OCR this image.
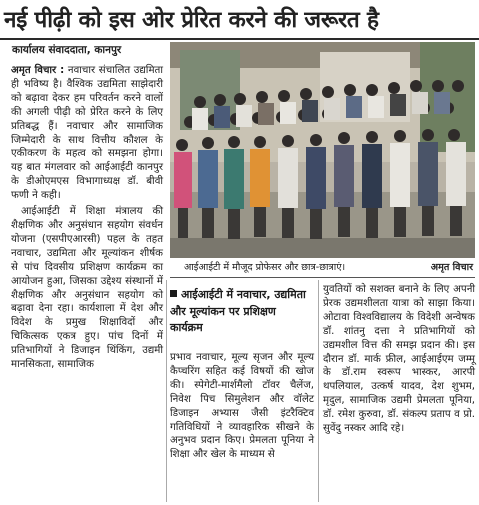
नई पीढ़ी को इस ओर प्रेरित करने की जरूरत है
कार्यालय संवाददाता, कानपुर

अमृत विचार : नवाचार संचालित उद्यमिता ही भविष्य है। वैश्विक उद्यमिता साझेदारी को बढ़ावा देकर हम परिवर्तन करने वालों की अगली पीढ़ी को प्रेरित करने के लिए प्रतिबद्ध हैं। नवाचार और सामाजिक जिम्मेदारी के साथ वित्तीय कौशल के एकीकरण के महत्व को समझना होगा। यह बात मंगलवार को आईआईटी कानपुर के डीओएमएस विभागाध्यक्ष डॉ. बीवी फणी ने कही।

आईआईटी में शिक्षा मंत्रालय की शैक्षणिक और अनुसंधान सहयोग संवर्धन योजना (एसपीएआरसी) पहल के तहत नवाचार, उद्यमिता और मूल्यांकन शीर्षक से पांच दिवसीय प्रशिक्षण कार्यक्रम का आयोजन हुआ, जिसका उद्देश्य संस्थानों में शैक्षणिक और अनुसंधान सहयोग को बढ़ावा देना रहा। कार्यशाला में देश और विदेश के प्रमुख शिक्षाविदों और चिकित्सक एकत्र हुए। पांच दिनों में प्रतिभागियों ने डिजाइन थिंकिंग, उद्यमी मानसिकता, सामाजिक

आईआईटी में मौजूद प्रोफेसर और छात्र-छात्राएं।	अमृत विचार
आईआईटी में नवाचार, उद्यमिता और मूल्यांकन पर प्रशिक्षण कार्यक्रम

प्रभाव नवाचार, मूल्य सृजन और मूल्य कैप्चरिंग सहित कई विषयों की खोज की। स्पेगेटी-मार्शमैलो टॉवर चैलेंज, निवेश पिच सिमुलेशन और वॉलेट डिजाइन अभ्यास जैसी इंटरैक्टिव गतिविधियों ने व्यावहारिक सीखने के अनुभव प्रदान किए। प्रेमलता पूनिया ने शिक्षा और खेल के माध्यम से

युवतियों को सशक्त बनाने के लिए अपनी प्रेरक उद्यमशीलता यात्रा को साझा किया। ओटावा विश्वविद्यालय के विदेशी अन्वेषक डॉ. शांतनु दत्ता ने प्रतिभागियों को उद्यमशील वित्त की समझ प्रदान की। इस दौरान डॉ. मार्क फ्रील, आईआईएम जम्मू के डॉ.राम स्वरूप भास्कर, आरपी थपलियाल, उत्कर्ष यादव, देश शुभम, मृदुल, सामाजिक उद्यमी प्रेमलता पूनिया, डॉ. रमेश कुरुवा, डॉ. संकल्प प्रताप व प्रो. सुवेंदु नस्कर आदि रहे।
